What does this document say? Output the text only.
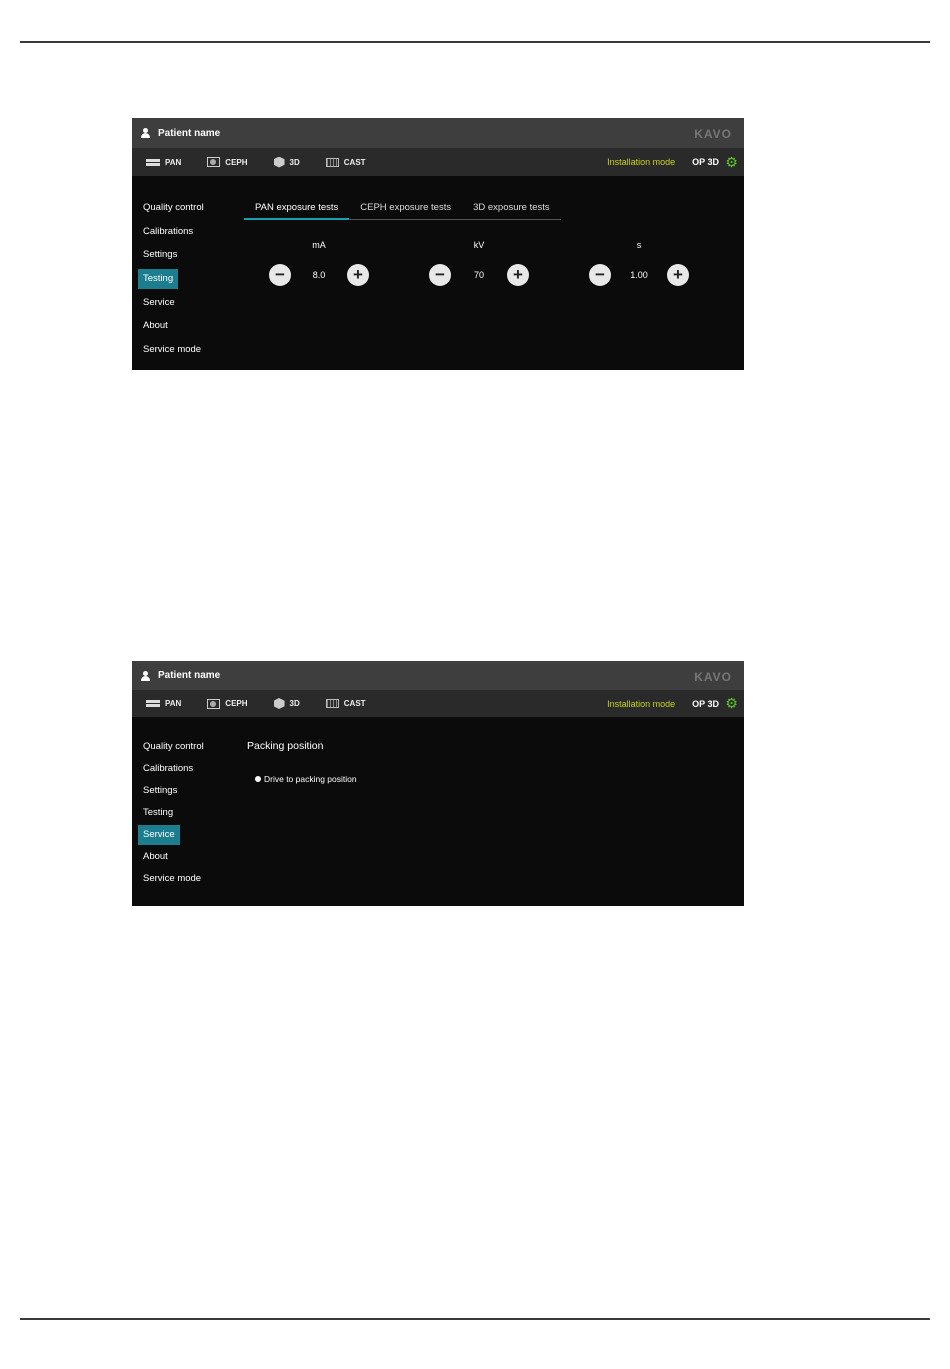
Patient name	KAVO
PAN	CEPH	3D	CAST	Installation mode OP 3D ⚙
Quality control
Calibrations
Settings
Testing
Service
About
Service mode
PAN exposure tests	CEPH exposure tests	3D exposure tests
mA
−	8.0	+
kV
−	70	+
s
−	1.00	+
Patient name	KAVO
PAN	CEPH	3D	CAST	Installation mode OP 3D ⚙
Quality control
Calibrations
Settings
Testing
Service
About
Service mode
Packing position
Drive to packing position
